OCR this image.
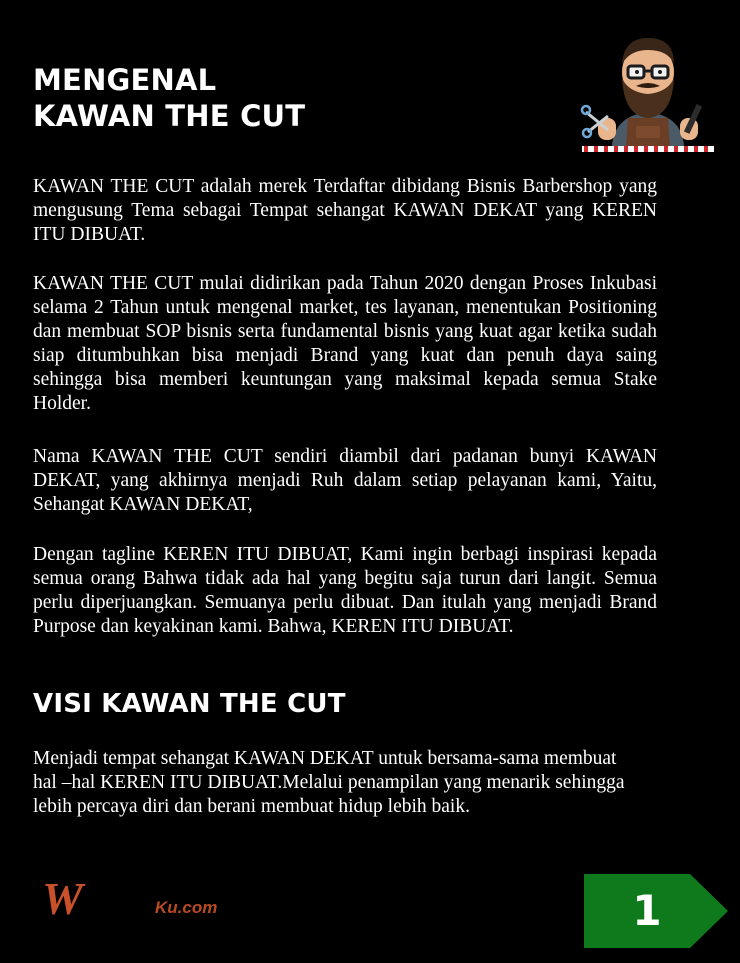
MENGENAL
KAWAN THE CUT

KAWAN THE CUT adalah merek Terdaftar dibidang Bisnis Barbershop yang mengusung Tema sebagai Tempat sehangat KAWAN DEKAT yang KEREN ITU DIBUAT.

KAWAN THE CUT mulai didirikan pada Tahun 2020 dengan Proses Inkubasi selama 2 Tahun untuk mengenal market, tes layanan, menentukan Positioning dan membuat SOP bisnis serta fundamental bisnis yang kuat agar ketika sudah siap ditumbuhkan bisa menjadi Brand yang kuat dan penuh daya saing sehingga bisa memberi keuntungan yang maksimal kepada semua Stake Holder.

Nama KAWAN THE CUT sendiri diambil dari padanan bunyi KAWAN DEKAT, yang akhirnya menjadi Ruh dalam setiap pelayanan kami, Yaitu, Sehangat KAWAN DEKAT,

Dengan tagline KEREN ITU DIBUAT, Kami ingin berbagi inspirasi kepada semua orang Bahwa tidak ada hal yang begitu saja turun dari langit. Semua perlu diperjuangkan. Semuanya perlu dibuat. Dan itulah yang menjadi Brand Purpose dan keyakinan kami. Bahwa, KEREN ITU DIBUAT.

VISI KAWAN THE CUT

Menjadi tempat sehangat KAWAN DEKAT untuk bersama-sama membuat hal –hal KEREN ITU DIBUAT.Melalui penampilan yang menarik sehingga lebih percaya diri dan berani membuat hidup lebih baik.

W	Ku.com	1
